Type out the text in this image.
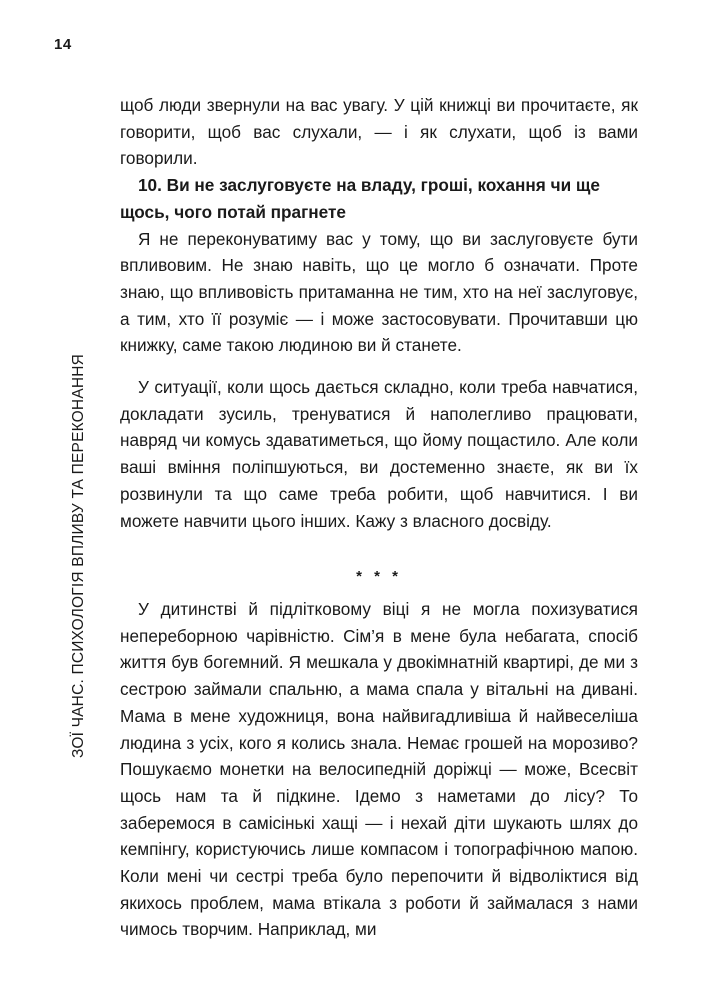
14
ЗОЇ ЧАНС. ПСИХОЛОГІЯ ВПЛИВУ ТА ПЕРЕКОНАННЯ

щоб люди звернули на вас увагу. У цій книжці ви прочитаєте, як говорити, щоб вас слухали, — і як слухати, щоб із вами говорили.

10. Ви не заслуговуєте на владу, гроші, кохання чи ще щось, чого потай прагнете

Я не переконуватиму вас у тому, що ви заслуговуєте бути впливовим. Не знаю навіть, що це могло б означати. Проте знаю, що впливовість притаманна не тим, хто на неї заслуговує, а тим, хто її розуміє — і може застосовувати. Прочитавши цю книжку, саме такою людиною ви й станете.

У ситуації, коли щось дається складно, коли треба навчатися, докладати зусиль, тренуватися й наполегливо працювати, навряд чи комусь здаватиметься, що йому пощастило. Але коли ваші вміння поліпшуються, ви достеменно знаєте, як ви їх розвинули та що саме треба робити, щоб навчитися. І ви можете навчити цього інших. Кажу з власного досвіду.

* * *

У дитинстві й підлітковому віці я не могла похизуватися непереборною чарівністю. Сім’я в мене була небагата, спосіб життя був богемний. Я мешкала у двокімнатній квартирі, де ми з сестрою займали спальню, а мама спала у вітальні на дивані. Мама в мене художниця, вона найвигадливіша й найвеселіша людина з усіх, кого я колись знала. Немає грошей на морозиво? Пошукаємо монетки на велосипедній доріжці — може, Всесвіт щось нам та й підкине. Ідемо з наметами до лісу? То заберемося в самісінькі хащі — і нехай діти шукають шлях до кемпінгу, користуючись лише компасом і топографічною мапою. Коли мені чи сестрі треба було перепочити й відволіктися від якихось проблем, мама втікала з роботи й займалася з нами чимось творчим. Наприклад, ми
